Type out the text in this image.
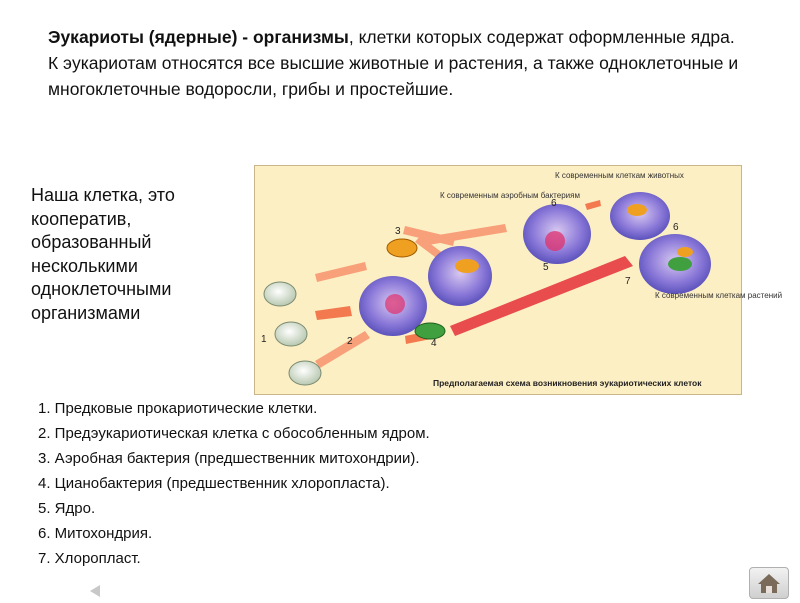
Эукариоты (ядерные) - организмы, клетки которых содержат оформленные ядра.
К эукариотам относятся все высшие животные и растения, а также одноклеточные и многоклеточные водоросли, грибы и простейшие.
Наша клетка, это кооператив, образованный несколькими одноклеточными организмами
К современным аэробным бактериям
К современным клеткам животных
К современным клеткам растений
1	2
3
4
5
6
6
7
Предполагаемая схема возникновения эукариотических клеток
1. Предковые прокариотические клетки.
2. Предэукариотическая клетка с обособленным ядром.
3. Аэробная бактерия (предшественник митохондрии).
4. Цианобактерия (предшественник хлоропласта).
5. Ядро.
6. Митохондрия.
7. Хлоропласт.
